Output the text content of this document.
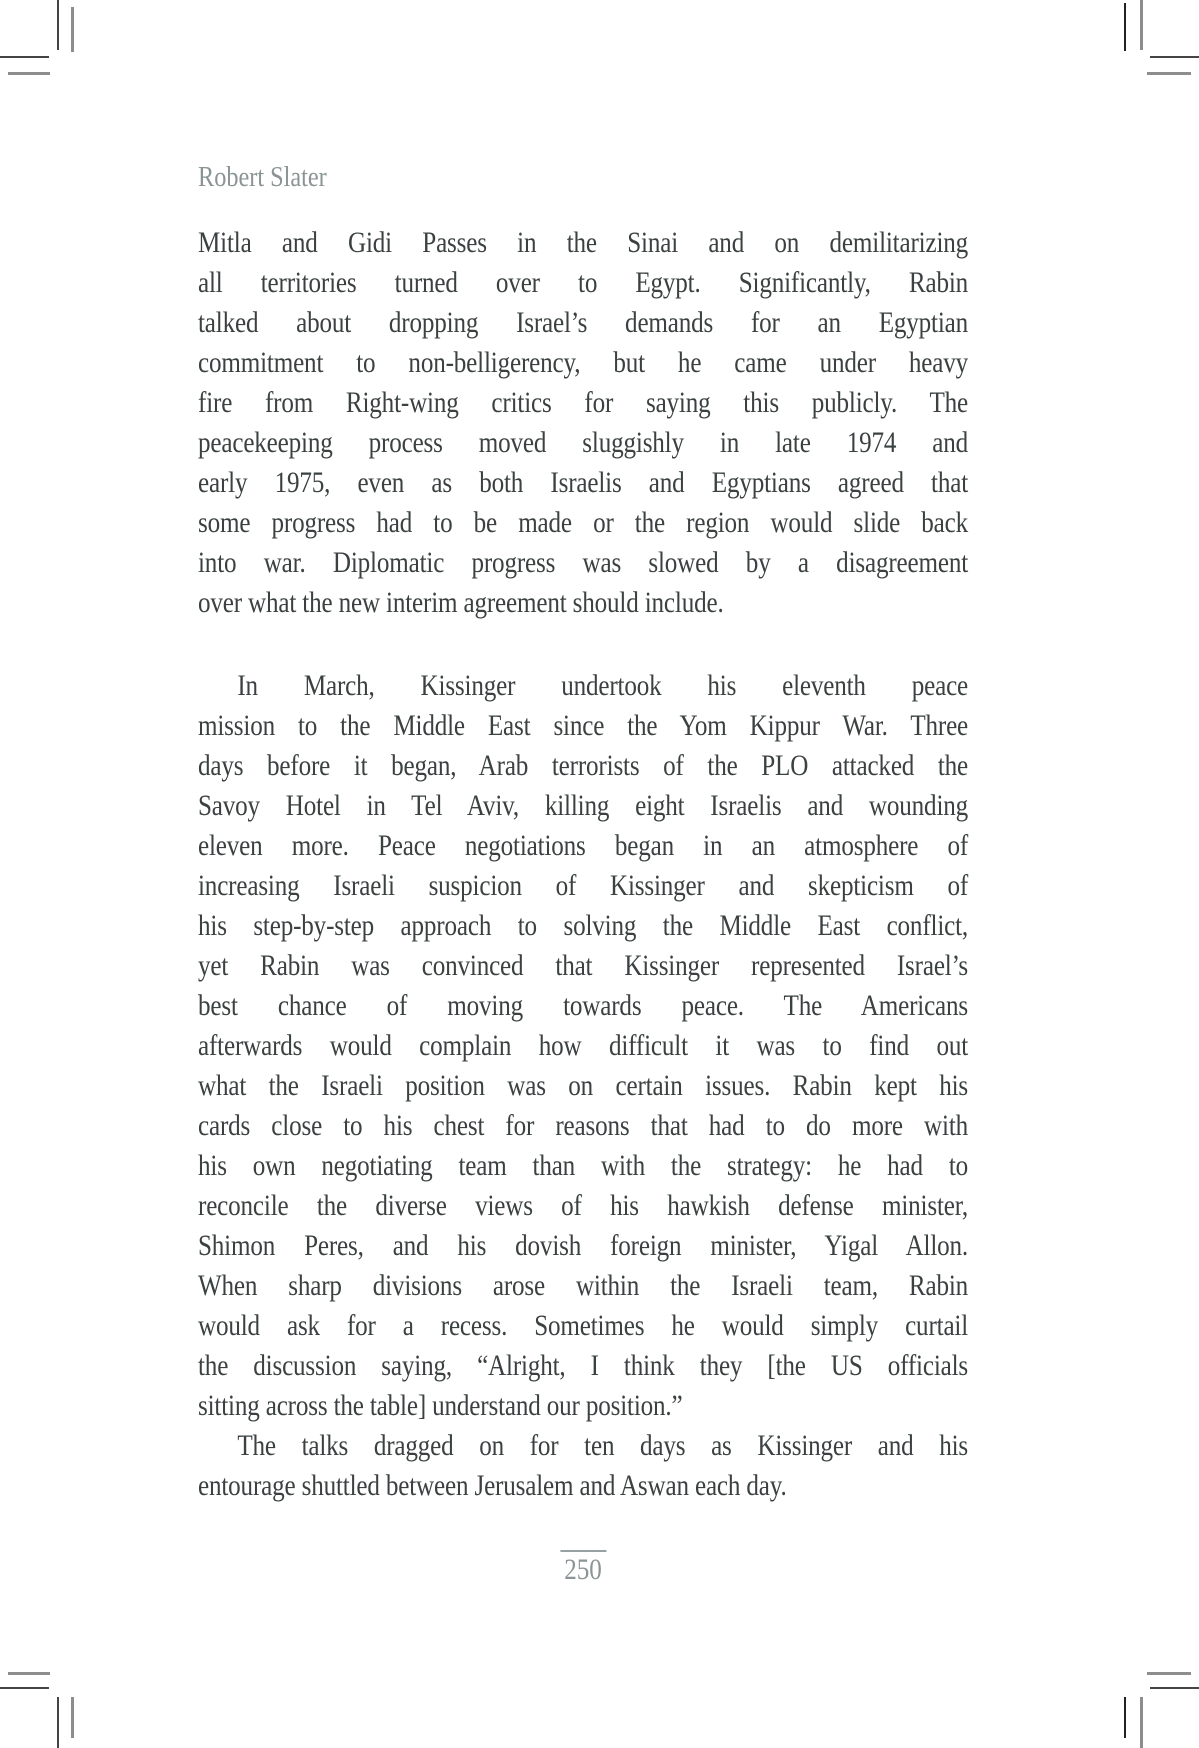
Robert Slater
Mitla and Gidi Passes in the Sinai and on demilitarizing
all territories turned over to Egypt. Significantly, Rabin
talked about dropping Israel’s demands for an Egyptian
commitment to non-belligerency, but he came under heavy
fire from Right-wing critics for saying this publicly. The
peacekeeping process moved sluggishly in late 1974 and
early 1975, even as both Israelis and Egyptians agreed that
some progress had to be made or the region would slide back
into war. Diplomatic progress was slowed by a disagreement
over what the new interim agreement should include.
In March, Kissinger undertook his eleventh peace
mission to the Middle East since the Yom Kippur War. Three
days before it began, Arab terrorists of the PLO attacked the
Savoy Hotel in Tel Aviv, killing eight Israelis and wounding
eleven more. Peace negotiations began in an atmosphere of
increasing Israeli suspicion of Kissinger and skepticism of
his step-by-step approach to solving the Middle East conflict,
yet Rabin was convinced that Kissinger represented Israel’s
best chance of moving towards peace. The Americans
afterwards would complain how difficult it was to find out
what the Israeli position was on certain issues. Rabin kept his
cards close to his chest for reasons that had to do more with
his own negotiating team than with the strategy: he had to
reconcile the diverse views of his hawkish defense minister,
Shimon Peres, and his dovish foreign minister, Yigal Allon.
When sharp divisions arose within the Israeli team, Rabin
would ask for a recess. Sometimes he would simply curtail
the discussion saying, “Alright, I think they [the US officials
sitting across the table] understand our position.”
The talks dragged on for ten days as Kissinger and his
entourage shuttled between Jerusalem and Aswan each day.
250
